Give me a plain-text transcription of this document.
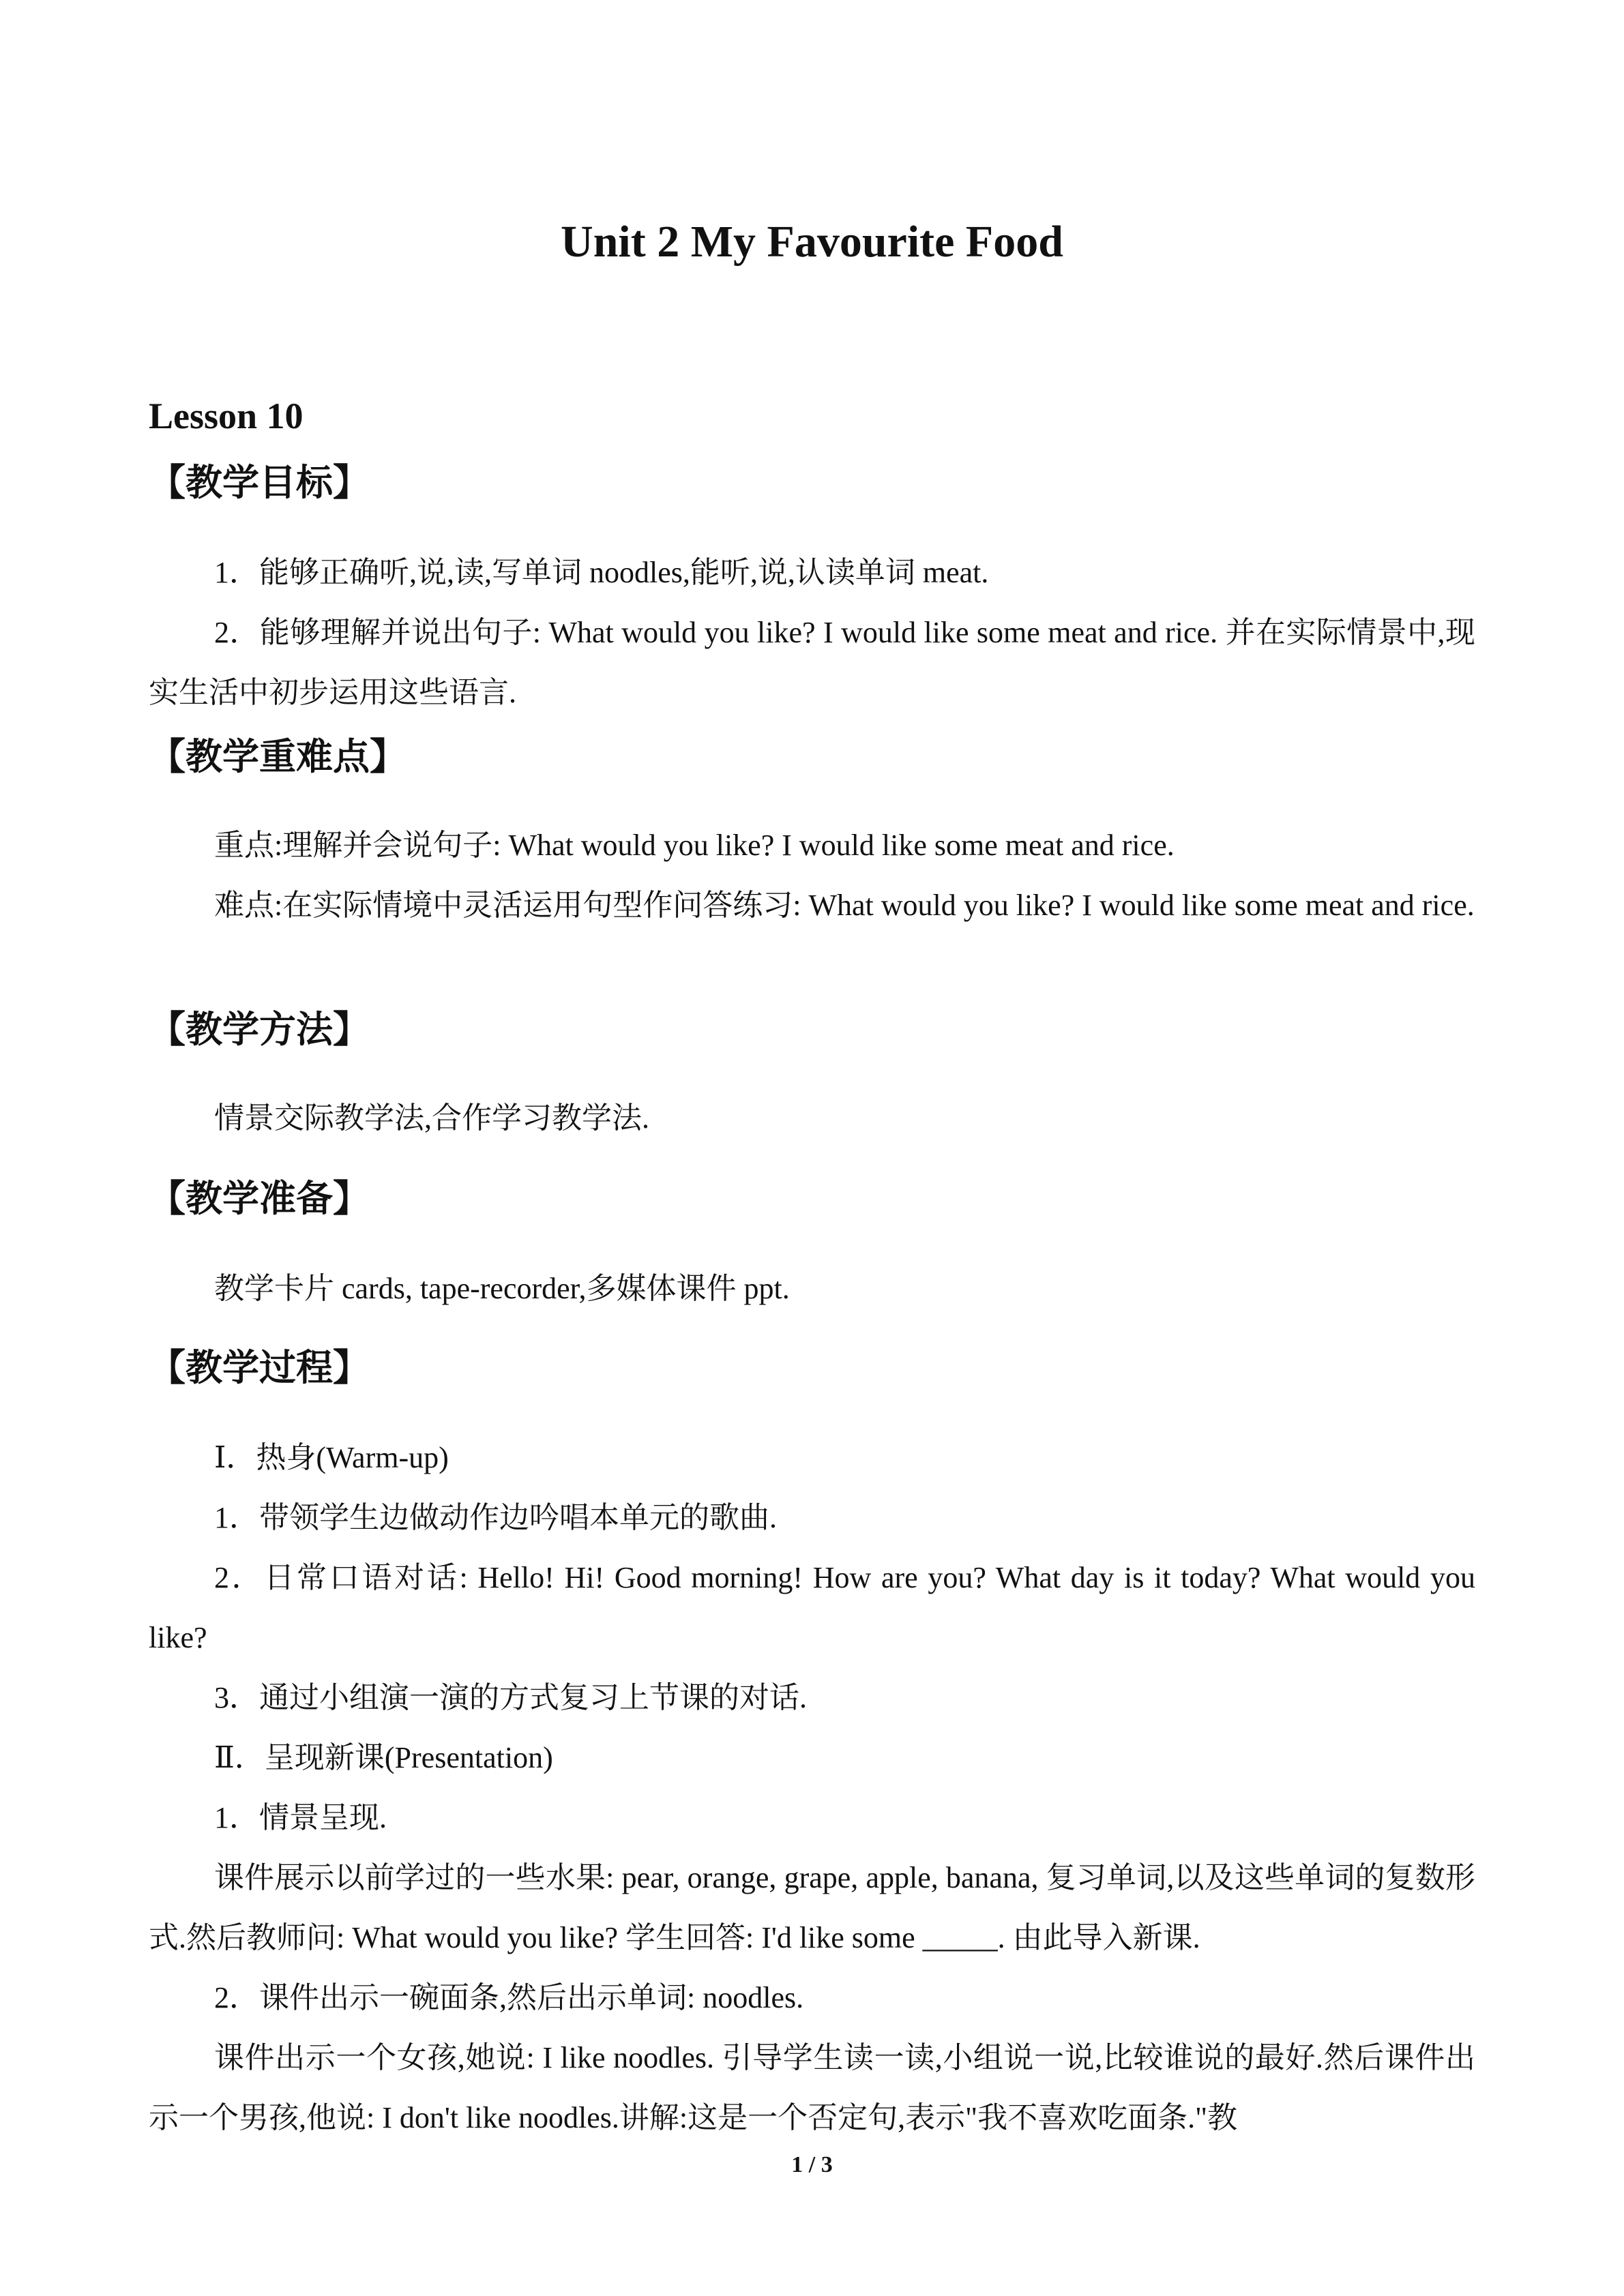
Unit 2 My Favourite Food
Lesson 10
【教学目标】
1．能够正确听,说,读,写单词 noodles,能听,说,认读单词 meat.
2．能够理解并说出句子: What would you like? I would like some meat and rice. 并在实际情景中,现实生活中初步运用这些语言.
【教学重难点】
重点:理解并会说句子: What would you like? I would like some meat and rice.
难点:在实际情境中灵活运用句型作问答练习: What would you like? I would like some meat and rice.
【教学方法】
情景交际教学法,合作学习教学法.
【教学准备】
教学卡片 cards, tape-recorder,多媒体课件 ppt.
【教学过程】
Ⅰ．热身(Warm-up)
1．带领学生边做动作边吟唱本单元的歌曲.
2．日常口语对话: Hello! Hi! Good morning! How are you? What day is it today? What would you like?
3．通过小组演一演的方式复习上节课的对话.
Ⅱ．呈现新课(Presentation)
1．情景呈现.
课件展示以前学过的一些水果: pear, orange, grape, apple, banana, 复习单词,以及这些单词的复数形式.然后教师问: What would you like? 学生回答: I'd like some _____. 由此导入新课.
2．课件出示一碗面条,然后出示单词: noodles.
课件出示一个女孩,她说: I like noodles. 引导学生读一读,小组说一说,比较谁说的最好.然后课件出示一个男孩,他说: I don't like noodles.讲解:这是一个否定句,表示"我不喜欢吃面条."教
1 / 3
